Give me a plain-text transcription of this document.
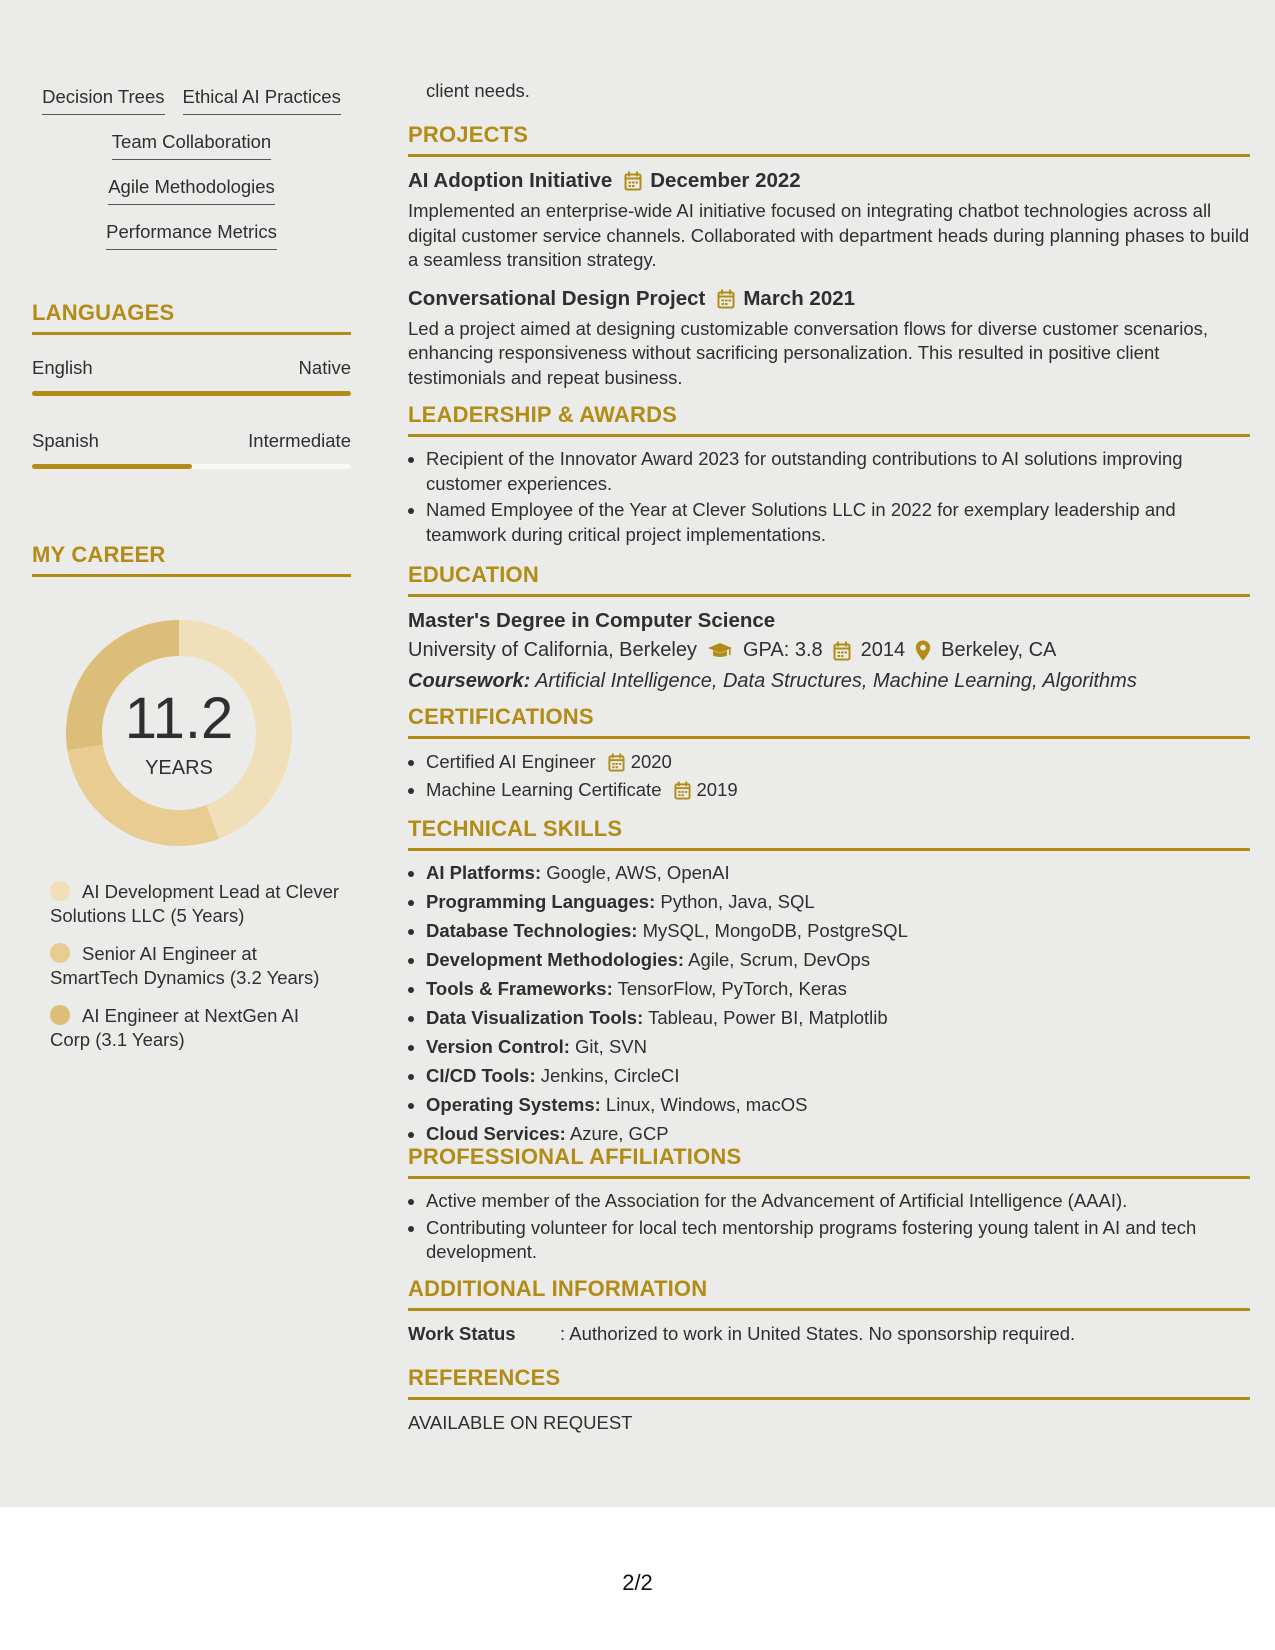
Decision Trees Ethical AI Practices
Team Collaboration
Agile Methodologies
Performance Metrics
LANGUAGES
English	Native
Spanish	Intermediate
MY CAREER
11.2
YEARS
AI Development Lead at Clever Solutions LLC (5 Years)
Senior AI Engineer at SmartTech Dynamics (3.2 Years)
AI Engineer at NextGen AI Corp (3.1 Years)
client needs.
PROJECTS
AI Adoption Initiative December 2022
Implemented an enterprise-wide AI initiative focused on integrating chatbot technologies across all digital customer service channels. Collaborated with department heads during planning phases to build a seamless transition strategy.
Conversational Design Project March 2021
Led a project aimed at designing customizable conversation flows for diverse customer scenarios, enhancing responsiveness without sacrificing personalization. This resulted in positive client testimonials and repeat business.
LEADERSHIP & AWARDS
• Recipient of the Innovator Award 2023 for outstanding contributions to AI solutions improving customer experiences.
• Named Employee of the Year at Clever Solutions LLC in 2022 for exemplary leadership and teamwork during critical project implementations.
EDUCATION
Master's Degree in Computer Science
University of California, Berkeley GPA: 3.8 2014 Berkeley, CA
Coursework: Artificial Intelligence, Data Structures, Machine Learning, Algorithms
CERTIFICATIONS
• Certified AI Engineer 2020
• Machine Learning Certificate 2019
TECHNICAL SKILLS
• AI Platforms: Google, AWS, OpenAI
• Programming Languages: Python, Java, SQL
• Database Technologies: MySQL, MongoDB, PostgreSQL
• Development Methodologies: Agile, Scrum, DevOps
• Tools & Frameworks: TensorFlow, PyTorch, Keras
• Data Visualization Tools: Tableau, Power BI, Matplotlib
• Version Control: Git, SVN
• CI/CD Tools: Jenkins, CircleCI
• Operating Systems: Linux, Windows, macOS
• Cloud Services: Azure, GCP
PROFESSIONAL AFFILIATIONS
• Active member of the Association for the Advancement of Artificial Intelligence (AAAI).
• Contributing volunteer for local tech mentorship programs fostering young talent in AI and tech development.
ADDITIONAL INFORMATION
Work Status	: Authorized to work in United States. No sponsorship required.
REFERENCES
AVAILABLE ON REQUEST
2/2
